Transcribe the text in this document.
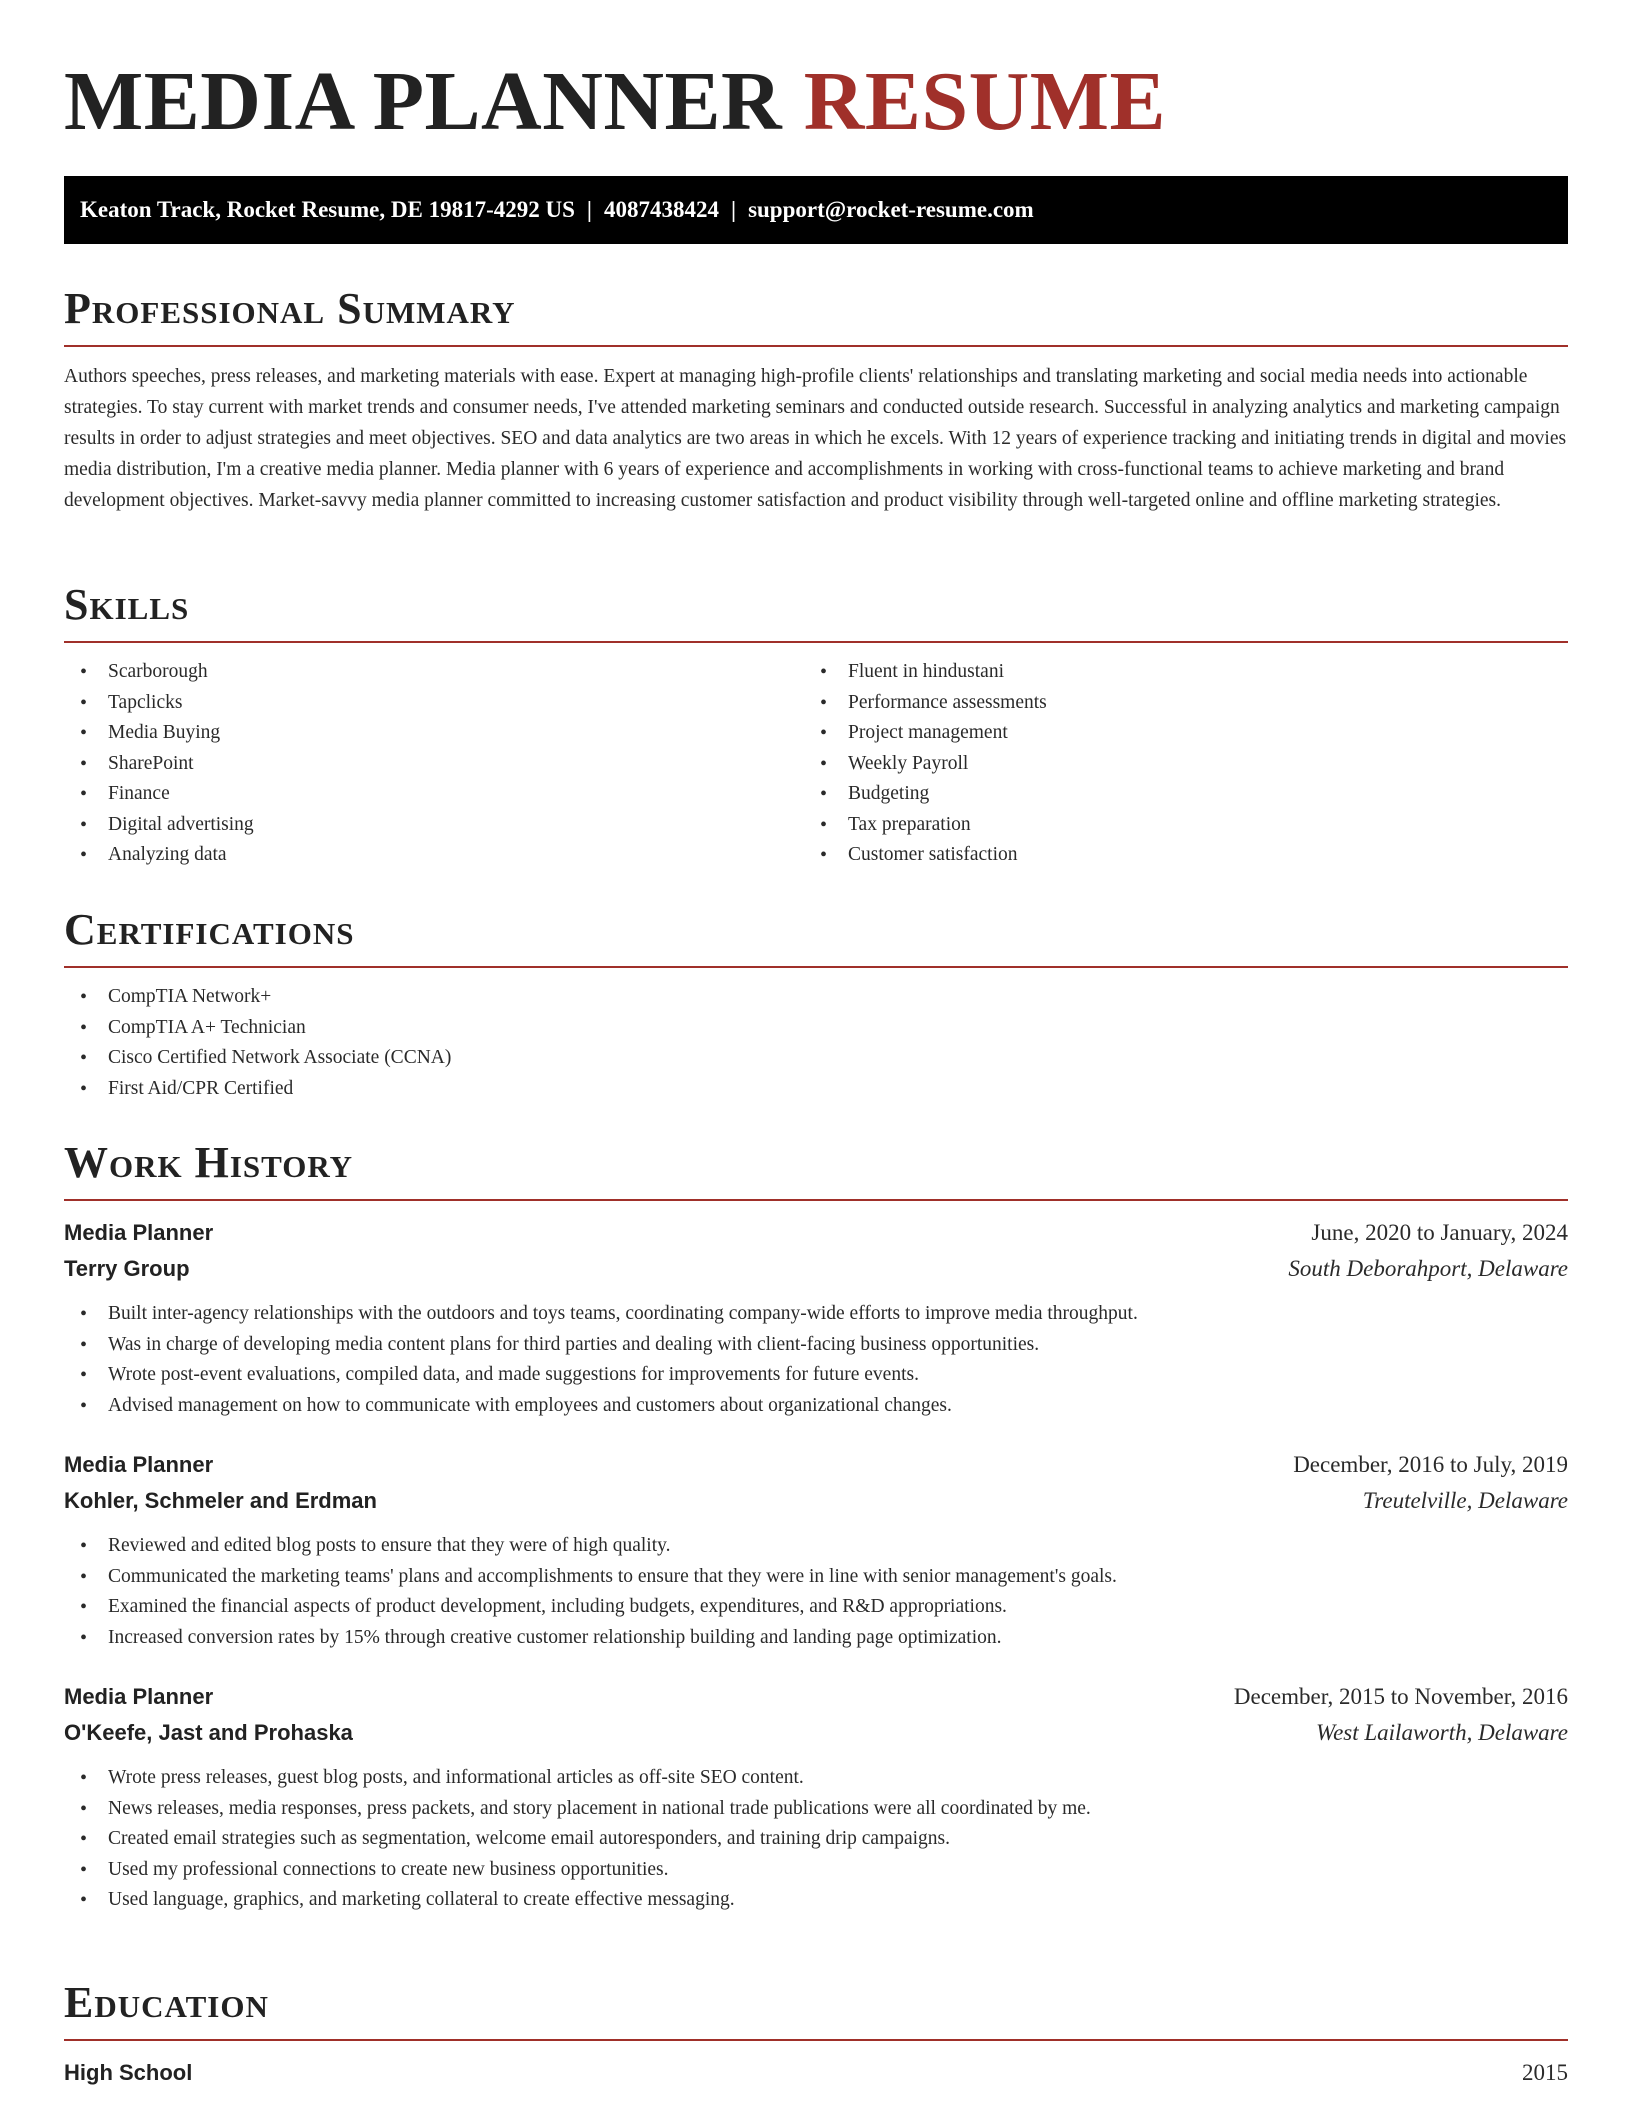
MEDIA PLANNER RESUME
Keaton Track, Rocket Resume, DE 19817-4292 US | 4087438424 | support@rocket-resume.com
Professional Summary

Authors speeches, press releases, and marketing materials with ease. Expert at managing high-profile clients' relationships and translating marketing and social media needs into actionable strategies. To stay current with market trends and consumer needs, I've attended marketing seminars and conducted outside research. Successful in analyzing analytics and marketing campaign results in order to adjust strategies and meet objectives. SEO and data analytics are two areas in which he excels. With 12 years of experience tracking and initiating trends in digital and movies media distribution, I'm a creative media planner. Media planner with 6 years of experience and accomplishments in working with cross-functional teams to achieve marketing and brand development objectives. Market-savvy media planner committed to increasing customer satisfaction and product visibility through well-targeted online and offline marketing strategies.

Skills
• Scarborough
• Tapclicks
• Media Buying
• SharePoint
• Finance
• Digital advertising
• Analyzing data
• Fluent in hindustani
• Performance assessments
• Project management
• Weekly Payroll
• Budgeting
• Tax preparation
• Customer satisfaction
Certifications
• CompTIA Network+
• CompTIA A+ Technician
• Cisco Certified Network Associate (CCNA)
• First Aid/CPR Certified
Work History
Media Planner	June, 2020 to January, 2024
Terry Group	South Deborahport, Delaware
• Built inter-agency relationships with the outdoors and toys teams, coordinating company-wide efforts to improve media throughput.
• Was in charge of developing media content plans for third parties and dealing with client-facing business opportunities.
• Wrote post-event evaluations, compiled data, and made suggestions for improvements for future events.
• Advised management on how to communicate with employees and customers about organizational changes.
Media Planner	December, 2016 to July, 2019
Kohler, Schmeler and Erdman	Treutelville, Delaware
• Reviewed and edited blog posts to ensure that they were of high quality.
• Communicated the marketing teams' plans and accomplishments to ensure that they were in line with senior management's goals.
• Examined the financial aspects of product development, including budgets, expenditures, and R&D appropriations.
• Increased conversion rates by 15% through creative customer relationship building and landing page optimization.
Media Planner	December, 2015 to November, 2016
O'Keefe, Jast and Prohaska	West Lailaworth, Delaware
• Wrote press releases, guest blog posts, and informational articles as off-site SEO content.
• News releases, media responses, press packets, and story placement in national trade publications were all coordinated by me.
• Created email strategies such as segmentation, welcome email autoresponders, and training drip campaigns.
• Used my professional connections to create new business opportunities.
• Used language, graphics, and marketing collateral to create effective messaging.
Education
High School	2015
